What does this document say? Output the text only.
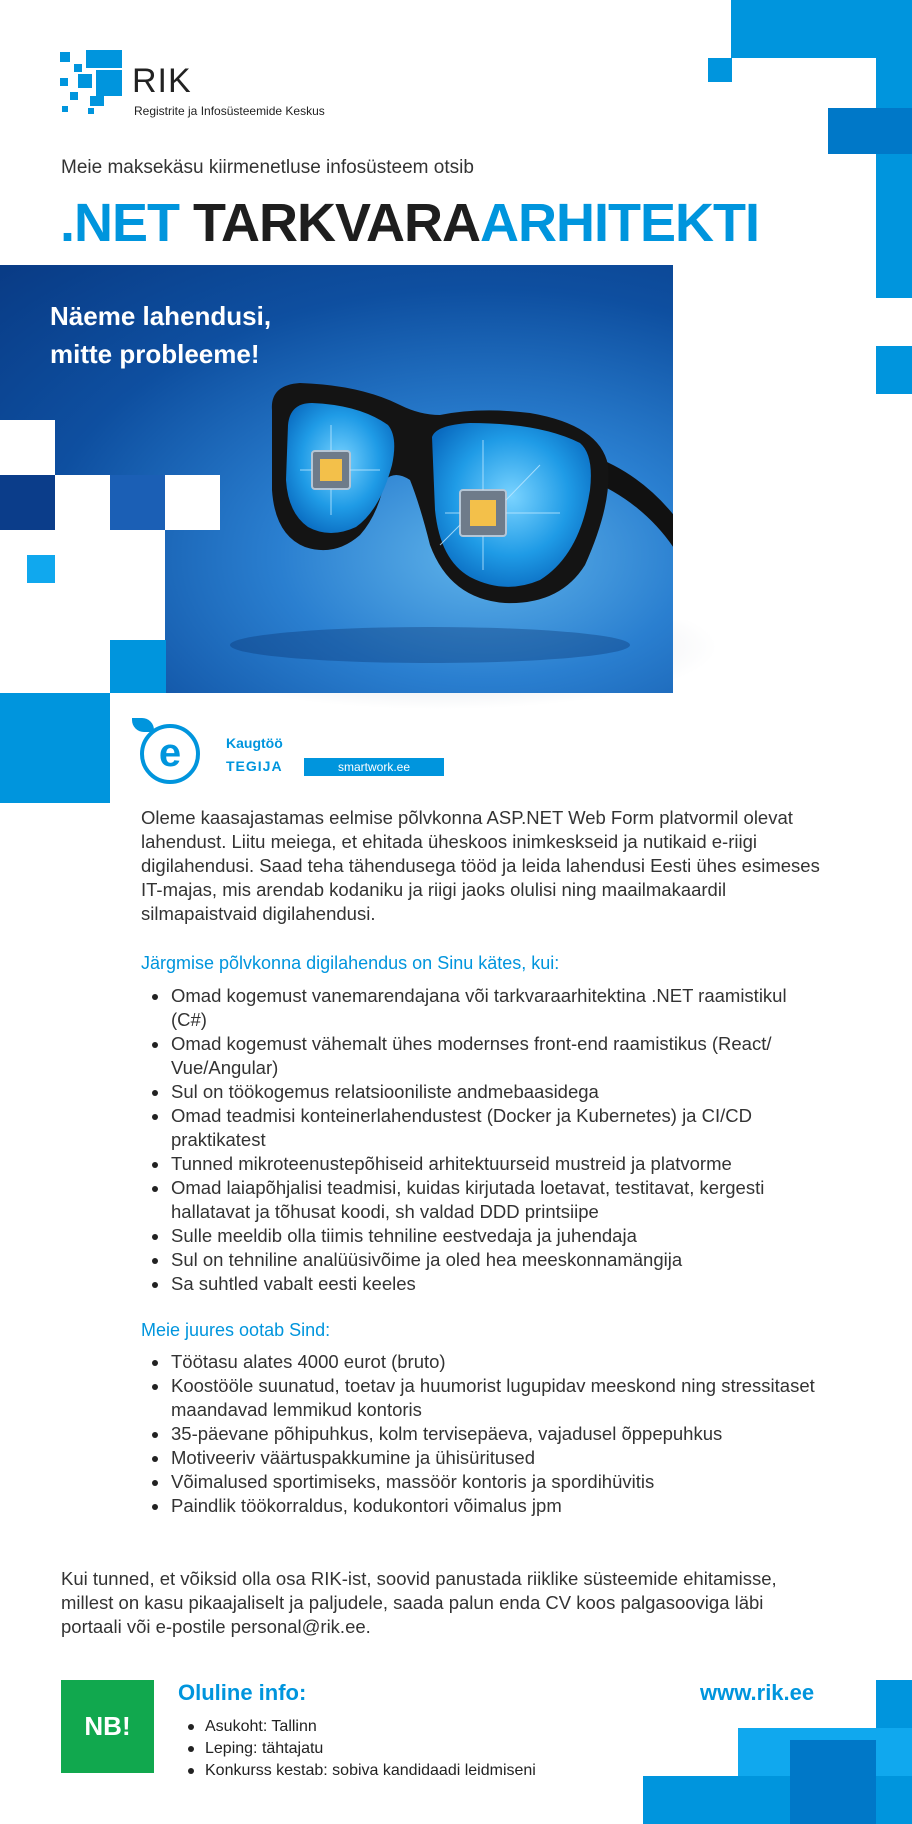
RIK
Registrite ja Infosüsteemide Keskus
Meie maksekäsu kiirmenetluse infosüsteem otsib
.NET TARKVARAARHITEKTI
Näeme lahendusi,
mitte probleeme!
e	Kaugtöö
TEGIJA	smartwork.ee

Oleme kaasajastamas eelmise põlvkonna ASP.NET Web Form platvormil olevat lahendust. Liitu meiega, et ehitada üheskoos inimkeskseid ja nutikaid e-riigi digilahendusi. Saad teha tähendusega tööd ja leida lahendusi Eesti ühes esimeses IT-majas, mis arendab kodaniku ja riigi jaoks olulisi ning maailmakaardil silmapaistvaid digilahendusi.

Järgmise põlvkonna digilahendus on Sinu kätes, kui:
Omad kogemust vanemarendajana või tarkvaraarhitektina .NET raamistikul (C#)
Omad kogemust vähemalt ühes modernses front-end raamistikus (React/ Vue/Angular)
Sul on töökogemus relatsiooniliste andmebaasidega
Omad teadmisi konteinerlahendustest (Docker ja Kubernetes) ja CI/CD praktikatest
Tunned mikroteenustepõhiseid arhitektuurseid mustreid ja platvorme
Omad laiapõhjalisi teadmisi, kuidas kirjutada loetavat, testitavat, kergesti hallatavat ja tõhusat koodi, sh valdad DDD printsiipe
Sulle meeldib olla tiimis tehniline eestvedaja ja juhendaja
Sul on tehniline analüüsivõime ja oled hea meeskonnamängija
Sa suhtled vabalt eesti keeles
Meie juures ootab Sind:
Töötasu alates 4000 eurot (bruto)
Koostööle suunatud, toetav ja huumorist lugupidav meeskond ning stressitaset maandavad lemmikud kontoris
35-päevane põhipuhkus, kolm tervisepäeva, vajadusel õppepuhkus
Motiveeriv väärtuspakkumine ja ühisüritused
Võimalused sportimiseks, massöör kontoris ja spordihüvitis
Paindlik töökorraldus, kodukontori võimalus jpm

Kui tunned, et võiksid olla osa RIK-ist, soovid panustada riiklike süsteemide ehitamisse, millest on kasu pikaajaliselt ja paljudele, saada palun enda CV koos palgasooviga läbi portaali või e-postile personal@rik.ee.

NB!
Oluline info:
Asukoht: Tallinn
Leping: tähtajatu
Konkurss kestab: sobiva kandidaadi leidmiseni
www.rik.ee
